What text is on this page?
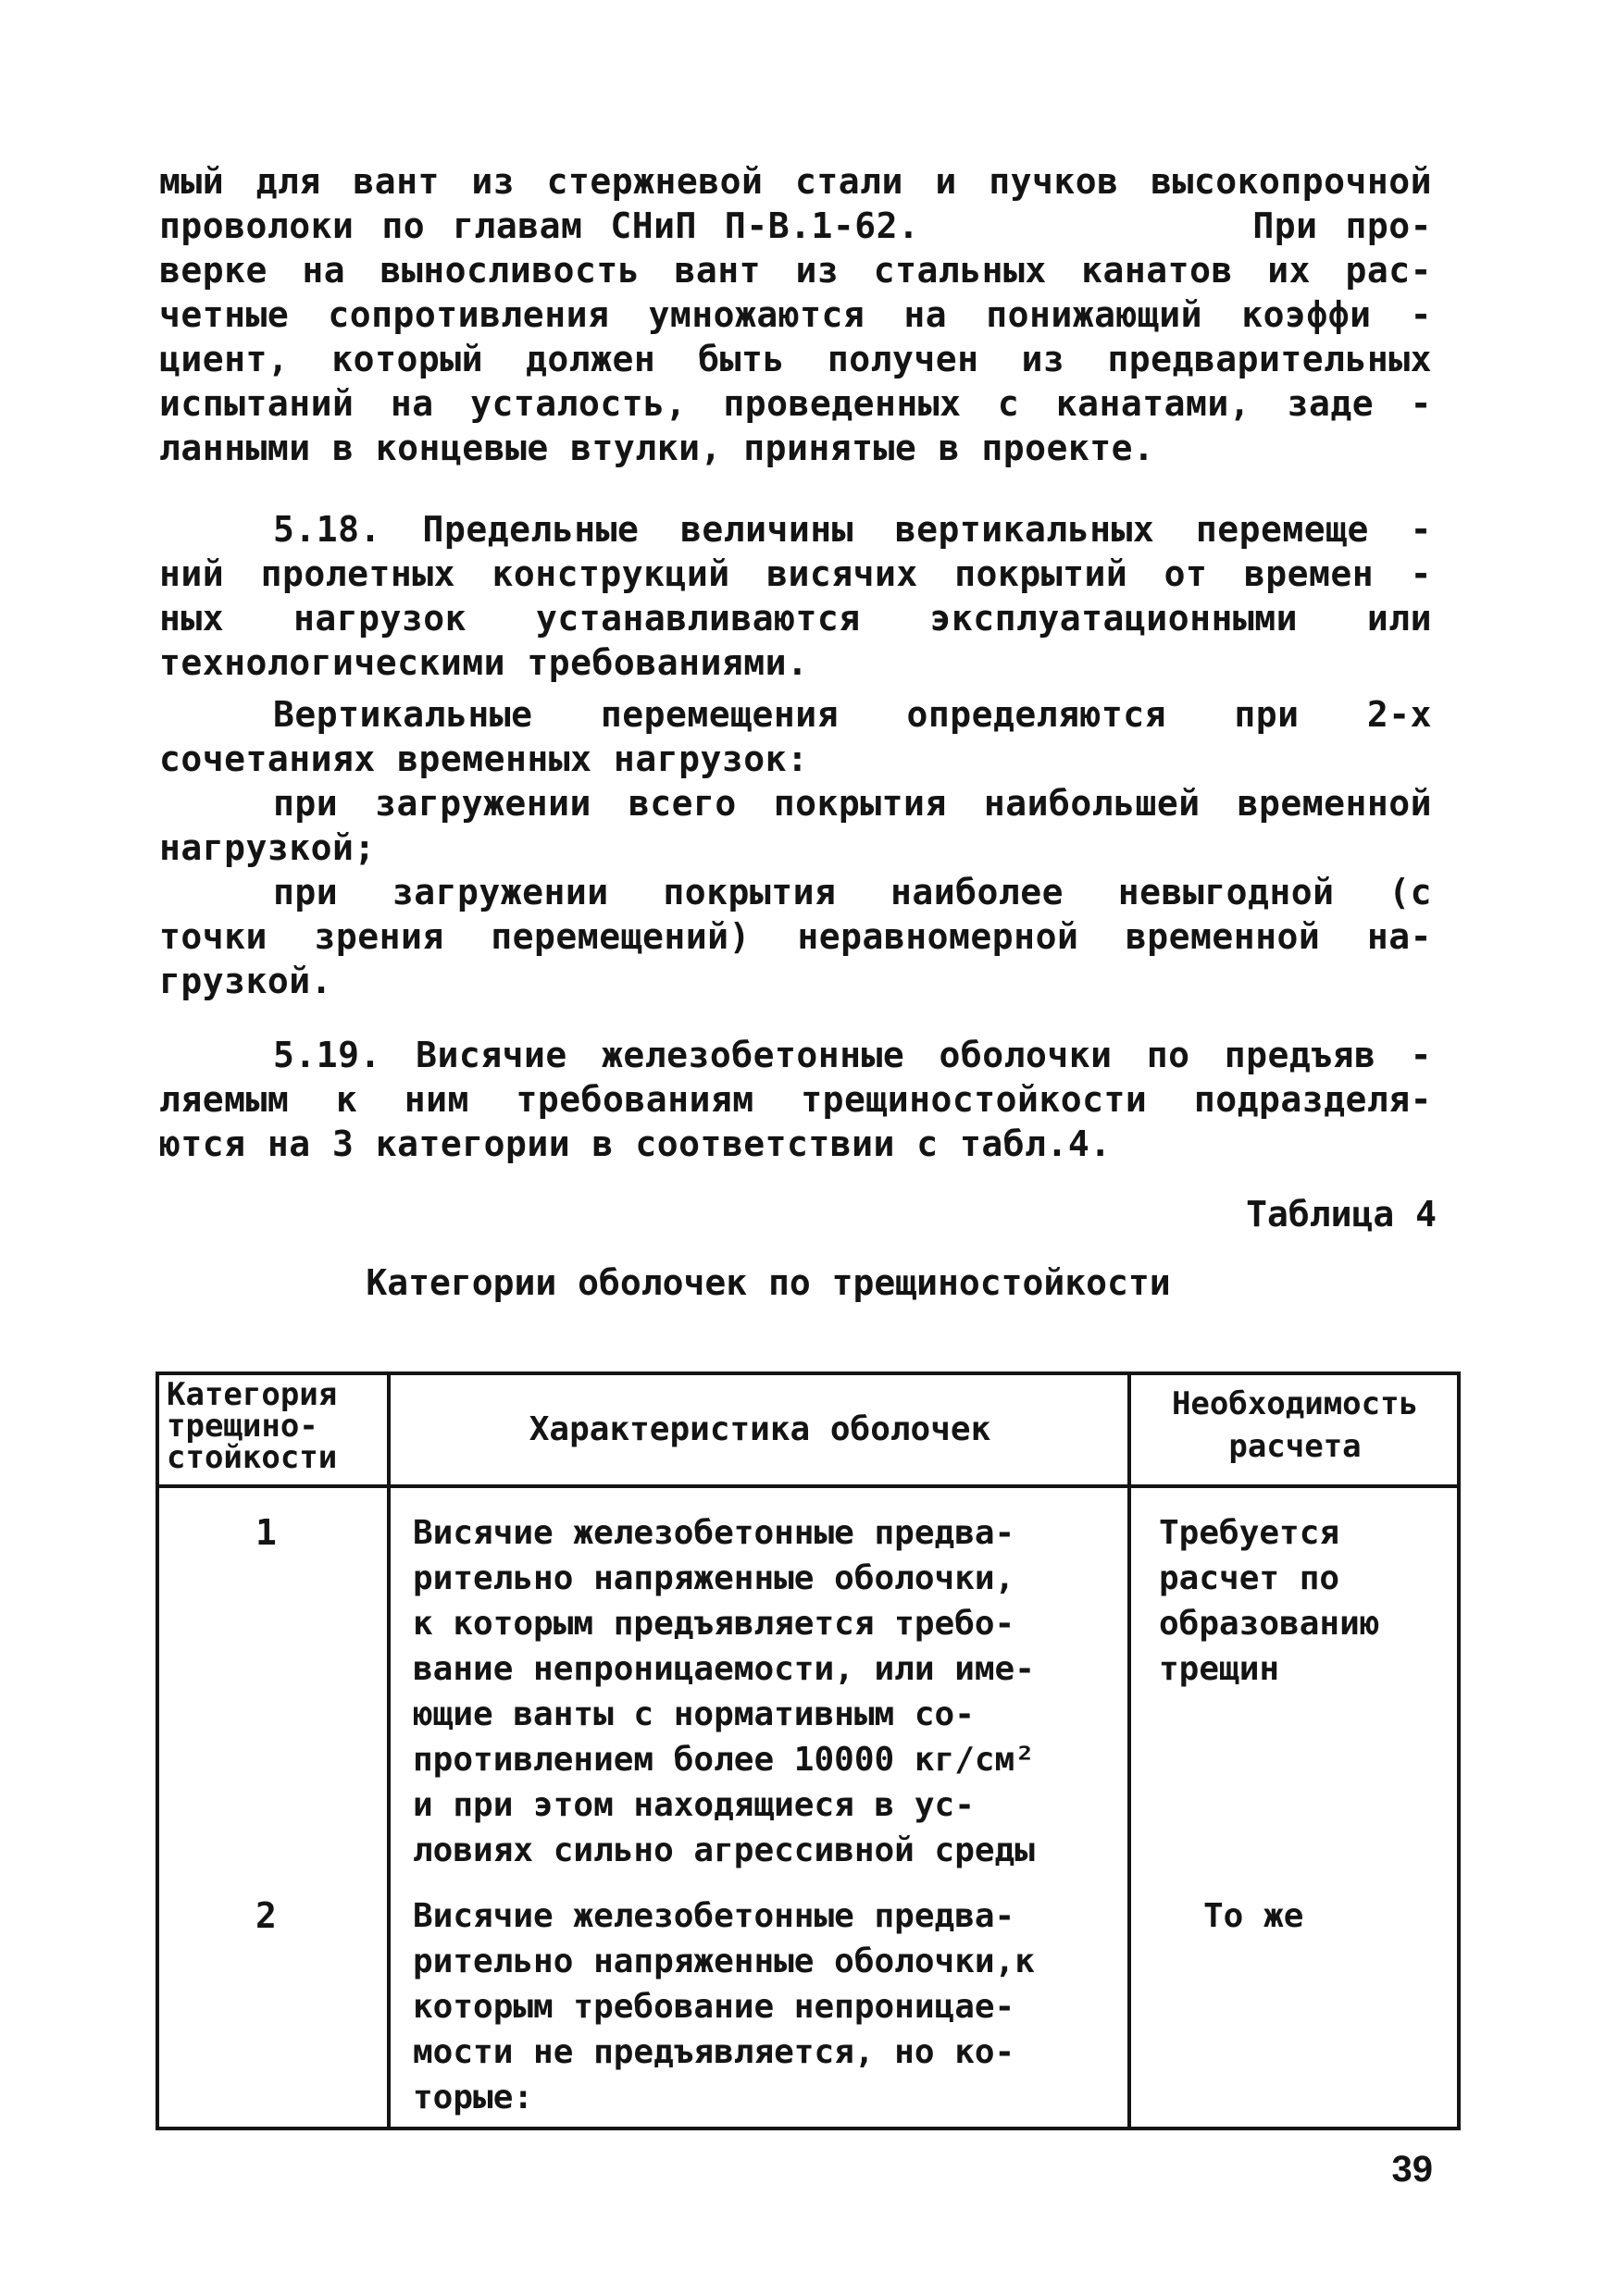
мый для вант из стержневой стали и пучков высокопрочной
проволоки по главам СНиП П-В.1-62.            При про-
верке на выносливость вант из стальных канатов их рас-
четные сопротивления умножаются на понижающий коэффи -
циент, который должен быть получен из предварительных
испытаний на усталость, проведенных с канатами, заде -
ланными в концевые втулки, принятые в проекте.
5.18. Предельные величины вертикальных перемеще -
ний пролетных конструкций висячих покрытий от времен -
ных нагрузок устанавливаются эксплуатационными или
технологическими требованиями.
Вертикальные перемещения определяются при 2-х
сочетаниях временных нагрузок:
при загружении всего покрытия наибольшей временной
нагрузкой;
при загружении покрытия наиболее невыгодной (с
точки зрения перемещений) неравномерной временной на-
грузкой.
5.19. Висячие железобетонные оболочки по предъяв -
ляемым к ним требованиям трещиностойкости подразделя-
ются на 3 категории в соответствии с табл.4.
Таблица 4
Категории оболочек по трещиностойкости
Категория
трещино-
стойкости
Характеристика оболочек
Необходимость
расчета
1	Висячие железобетонные предва-
рительно напряженные оболочки,
к которым предъявляется требо-
вание непроницаемости, или име-
ющие ванты с нормативным со-
противлением более 10000 кг/см²
и при этом находящиеся в ус-
ловиях сильно агрессивной среды
Требуется
расчет по
образованию
трещин
2	Висячие железобетонные предва-
рительно напряженные оболочки,к
которым требование непроницае-
мости не предъявляется, но ко-
торые:
То же
39
